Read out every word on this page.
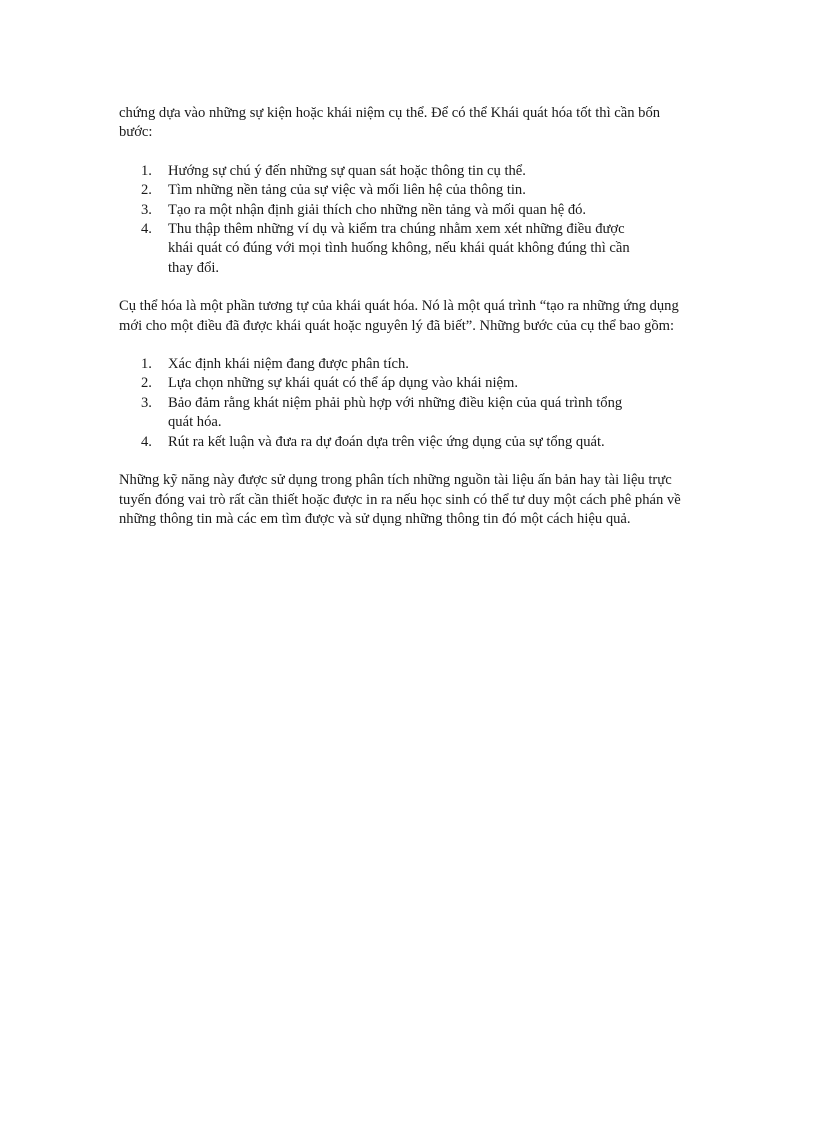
chứng dựa vào những sự kiện hoặc khái niệm cụ thể. Để có thể Khái quát hóa tốt thì cần bốn bước:

1. Hướng sự chú ý đến những sự quan sát hoặc thông tin cụ thể.
2. Tìm những nền tảng của sự việc và mối liên hệ của thông tin.
3. Tạo ra một nhận định giải thích cho những nền tảng và mối quan hệ đó.
4. Thu thập thêm những ví dụ và kiểm tra chúng nhằm xem xét những điều được khái quát có đúng với mọi tình huống không, nếu khái quát không đúng thì cần thay đổi.

Cụ thể hóa là một phần tương tự của khái quát hóa. Nó là một quá trình “tạo ra những ứng dụng mới cho một điều đã được khái quát hoặc nguyên lý đã biết”. Những bước của cụ thể bao gồm:

1. Xác định khái niệm đang được phân tích.
2. Lựa chọn những sự khái quát có thể áp dụng vào khái niệm.
3. Bảo đảm rằng khát niệm phải phù hợp với những điều kiện của quá trình tổng quát hóa.
4. Rút ra kết luận và đưa ra dự đoán dựa trên việc ứng dụng của sự tổng quát.

Những kỹ năng này được sử dụng trong phân tích những nguồn tài liệu ấn bản hay tài liệu trực tuyến đóng vai trò rất cần thiết hoặc được in ra nếu học sinh có thể tư duy một cách phê phán về những thông tin mà các em tìm được và sử dụng những thông tin đó một cách hiệu quả.
